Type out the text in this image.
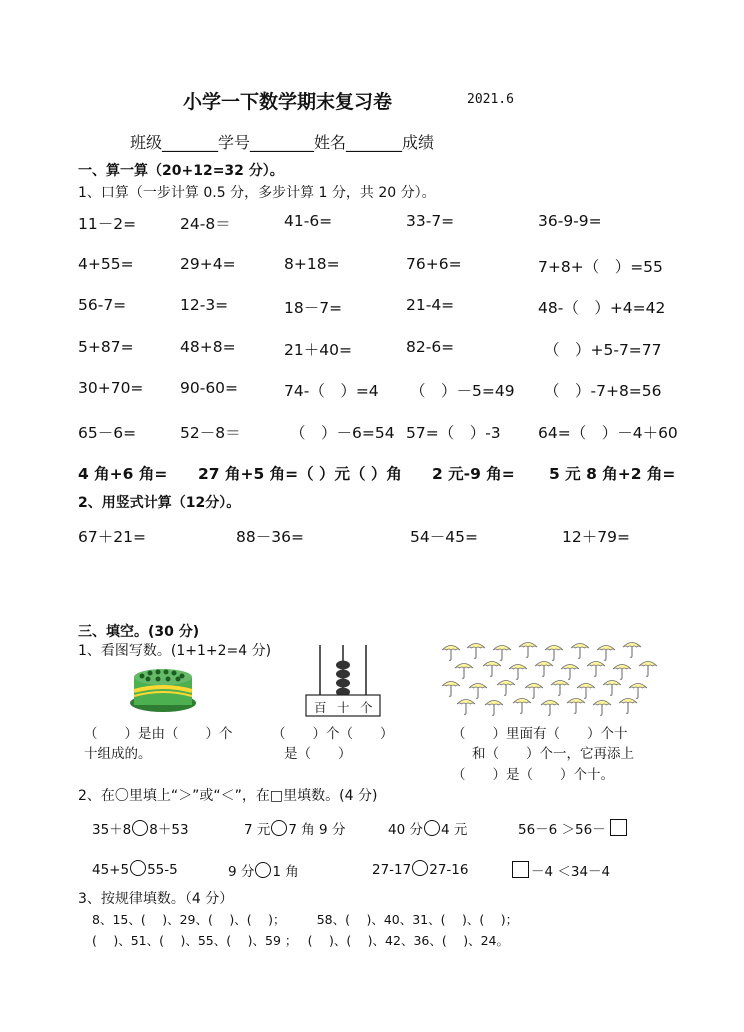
小学一下数学期末复习卷	2021.6
班级_______学号________姓名_______成绩
一、算一算（20+12=32 分）。
1、口算（一步计算 0.5 分，多步计算 1 分，共 20 分）。
11－2=	24-8＝	41-6=	33-7=	36-9-9=
4+55=	29+4=	8+18=	76+6=	7+8+（　）=55
56-7=	12-3=	18－7=	21-4=	48-（　）+4=42
5+87=	48+8=	21＋40=	82-6=	（　）+5-7=77
30+70= 90-60=	74-（　）=4 （　）－5=49 （　）-7+8=56
65－6=	52－8＝	（　）－6=54 57=（　）-3 64=（　）－4＋60
4 角+6 角= 27 角+5 角=（ ）元（ ）角 2 元-9 角= 5 元 8 角+2 角=
2、用竖式计算（12分）。
67＋21=	88－36=	54－45=	12＋79=
三、填空。(30 分)
1、看图写数。(1+1+2=4 分)
百 十 个
（　　）是由（　　）个
十组成的。
（　　）个（　　）
是（　　）
（　　）里面有（　　）个十
和（　　）个一，它再添上
（　　）是（　　）个十。
2、在〇里填上“＞”或“＜”，在□里填数。(4 分)
35＋8 8＋53	7 元 7 角 9 分	40 分 4 元	56－6 ＞56－
45+5 55-5	9 分 1 角	27-17 27-16	－4 ＜34－4
3、按规律填数。（4 分）
8、15、(　 )、29、(　 )、(　 )；　　　58、(　 )、40、31、(　 )、(　 )；
(　 )、51、(　 )、55、(　 )、59 ；　 (　 )、(　 )、42、36、(　 )、24。
